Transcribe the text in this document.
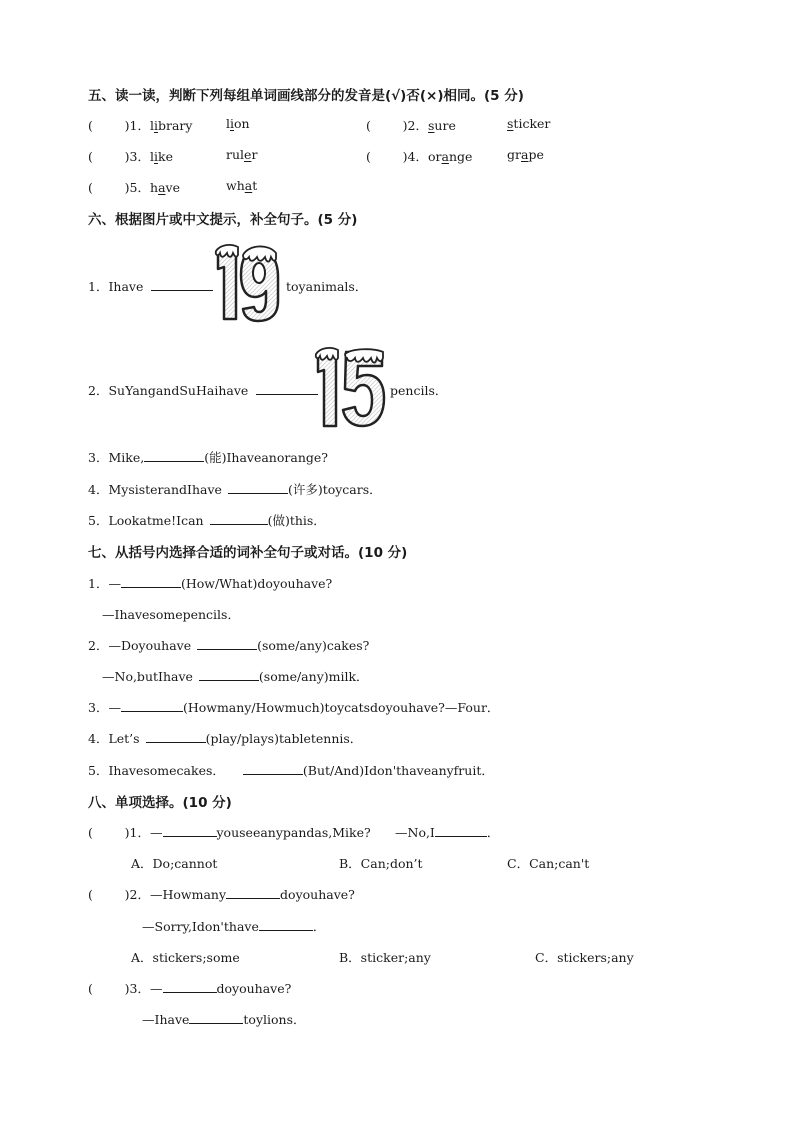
五、读一读，判断下列每组单词画线部分的发音是(√)否(×)相同。(5 分)
(        )1．library	lion	(        )2．sure	sticker
(        )3．like	ruler	(        )4．orange	grape
(        )5．have	what
六、根据图片或中文提示，补全句子。(5 分)
1．Ihave	toyanimals．
2．SuYangandSuHaihave	pencils．
3．Mike,	(能)Ihaveanorange?
4．MysisterandIhave	(许多)toycars．
5．Lookatme!Ican	(做)this．
七、从括号内选择合适的词补全句子或对话。(10 分)
1．—	(How/What)doyouhave?
—Ihavesomepencils．
2．—Doyouhave	(some/any)cakes?
—No,butIhave	(some/any)milk．
3．—	(Howmany/Howmuch)toycatsdoyouhave?—Four．
4．Let’s	(play/plays)tabletennis．
5．Ihavesomecakes．	(But/And)Idon'thaveanyfruit．
八、单项选择。(10 分)
(        )1．—	youseeanypandas,Mike? —No,I	．
A．Do;cannot	B．Can;don’t	C．Can;can't
(        )2．—Howmany	doyouhave?
—Sorry,Idon'thave	．
A．stickers;some	B．sticker;any	C．stickers;any
(        )3．—	doyouhave?
—Ihave	toylions．
